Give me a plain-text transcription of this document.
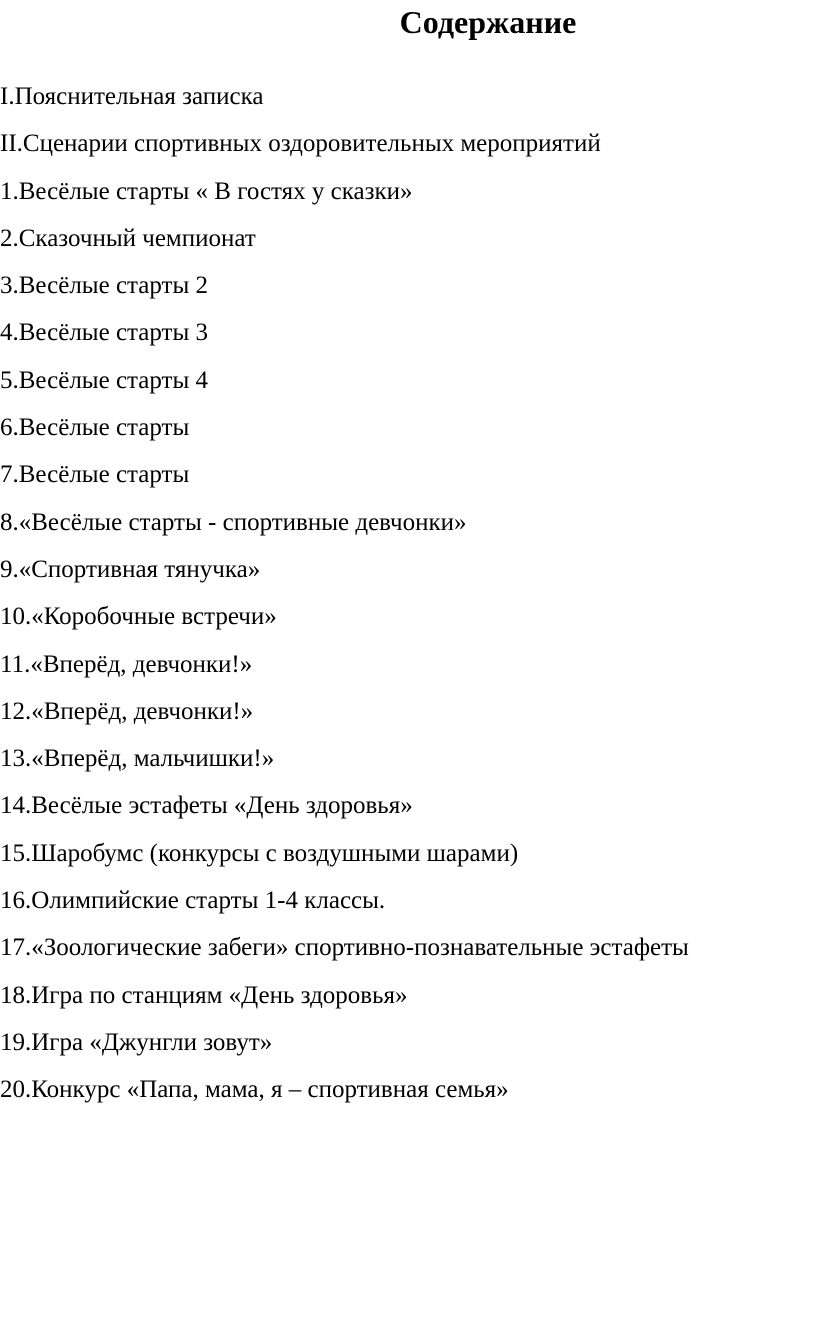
Содержание
I.Пояснительная записка
II.Сценарии спортивных оздоровительных мероприятий
1.Весёлые старты « В гостях у сказки»
2.Сказочный чемпионат
3.Весёлые старты 2
4.Весёлые старты 3
5.Весёлые старты 4
6.Весёлые старты
7.Весёлые старты
8.«Весёлые старты - спортивные девчонки»
9.«Спортивная тянучка»
10.«Коробочные встречи»
11.«Вперёд, девчонки!»
12.«Вперёд, девчонки!»
13.«Вперёд, мальчишки!»
14.Весёлые эстафеты «День здоровья»
15.Шаробумс (конкурсы с воздушными шарами)
16.Олимпийские старты 1-4 классы.
17.«Зоологические забеги» спортивно-познавательные эстафеты
18.Игра по станциям «День здоровья»
19.Игра «Джунгли зовут»
20.Конкурс «Папа, мама, я – спортивная семья»
